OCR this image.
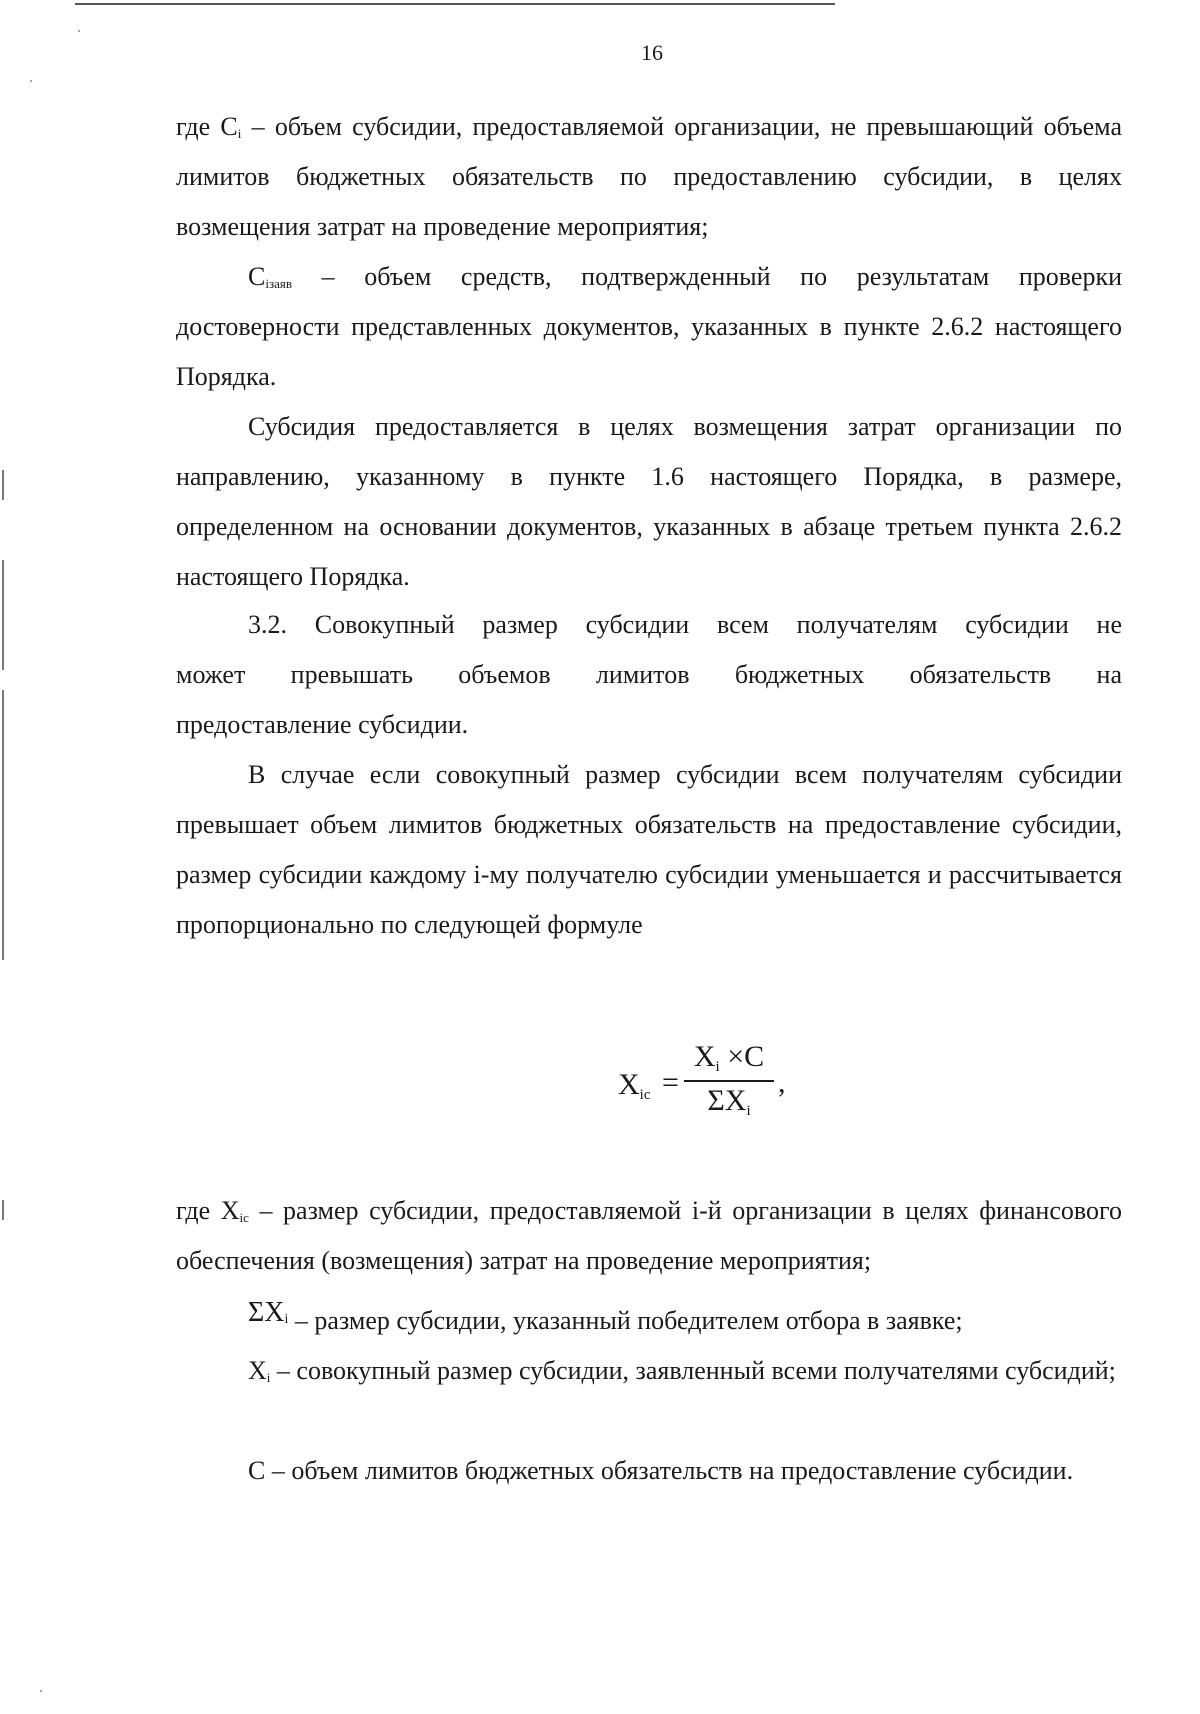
16

где $C_i$ – объем субсидии, предоставляемой организации, не превышающий объема лимитов бюджетных обязательств по предоставлению субсидии, в целях возмещения затрат на проведение мероприятия;

$C_{iзаяв}$ – объем средств, подтвержденный по результатам проверки достоверности представленных документов, указанных в пункте 2.6.2 настоящего Порядка.

Субсидия предоставляется в целях возмещения затрат организации по направлению, указанному в пункте 1.6 настоящего Порядка, в размере, определенном на основании документов, указанных в абзаце третьем пункта 2.6.2 настоящего Порядка.

3.2. Совокупный размер субсидии всем получателям субсидии не
может превышать объемов лимитов бюджетных обязательств на
предоставление субсидии.

В случае если совокупный размер субсидии всем получателям субсидии превышает объем лимитов бюджетных обязательств на предоставление субсидии, размер субсидии каждому i-му получателю субсидии уменьшается и рассчитывается пропорционально по следующей формуле

$X_{ic}$ =
$X_i \times C$
$\Sigma X_i$
,

где $X_{ic}$ – размер субсидии, предоставляемой i-й организации в целях финансового обеспечения (возмещения) затрат на проведение мероприятия;

$\Sigma X_i$ – размер субсидии, указанный победителем отбора в заявке;

$X_i$ – совокупный размер субсидии, заявленный всеми получателями субсидий;

C – объем лимитов бюджетных обязательств на предоставление субсидии.
